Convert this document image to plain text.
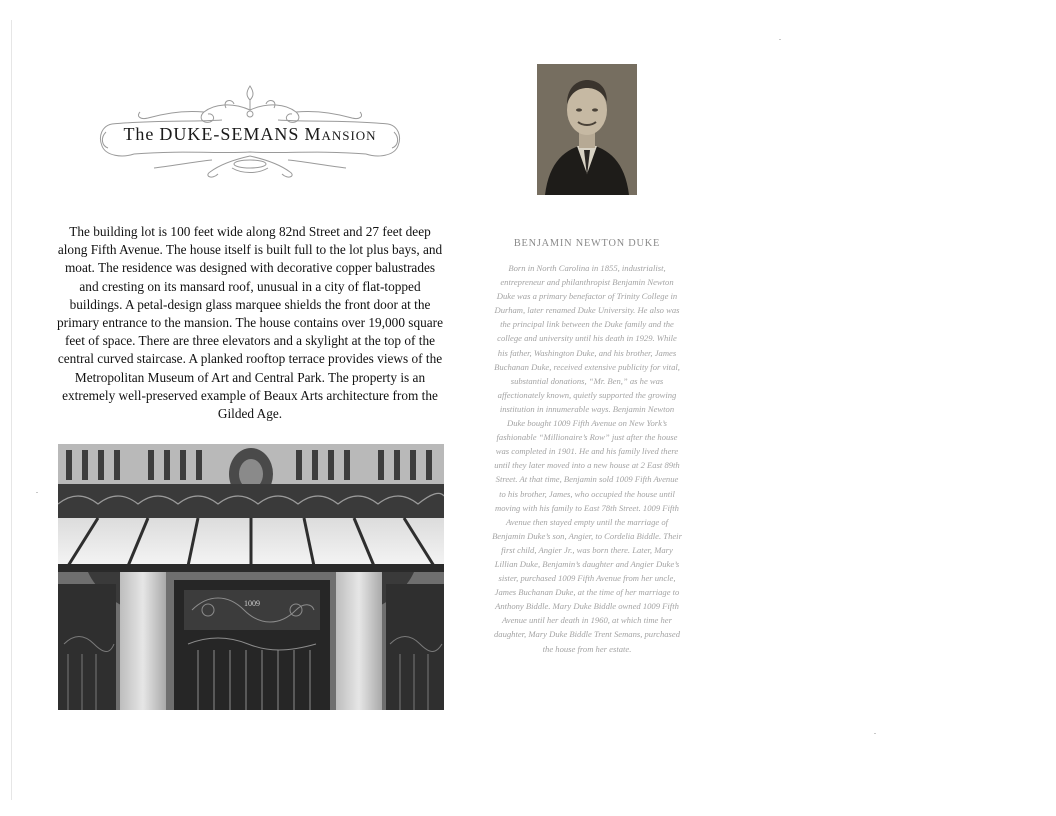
The DUKE-SEMANS Mansion

The building lot is 100 feet wide along 82nd Street and 27 feet deep along Fifth Avenue. The house itself is built full to the lot plus bays, and moat. The residence was designed with decorative copper balustrades and cresting on its mansard roof, unusual in a city of flat-topped buildings. A petal-design glass marquee shields the front door at the primary entrance to the mansion. The house contains over 19,000 square feet of space. There are three elevators and a skylight at the top of the central curved staircase. A planked rooftop terrace provides views of the Metropolitan Museum of Art and Central Park. The property is an extremely well-preserved example of Beaux Arts architecture from the Gilded Age.

1009
BENJAMIN NEWTON DUKE

Born in North Carolina in 1855, industrialist, entrepreneur and philanthropist Benjamin Newton Duke was a primary benefactor of Trinity College in Durham, later renamed Duke University. He also was the principal link between the Duke family and the college and university until his death in 1929. While his father, Washington Duke, and his brother, James Buchanan Duke, received extensive publicity for vital, substantial donations, “Mr. Ben,” as he was affectionately known, quietly supported the growing institution in innumerable ways. Benjamin Newton Duke bought 1009 Fifth Avenue on New York’s fashionable “Millionaire’s Row” just after the house was completed in 1901. He and his family lived there until they later moved into a new house at 2 East 89th Street. At that time, Benjamin sold 1009 Fifth Avenue to his brother, James, who occupied the house until moving with his family to East 78th Street. 1009 Fifth Avenue then stayed empty until the marriage of Benjamin Duke’s son, Angier, to Cordelia Biddle. Their first child, Angier Jr., was born there. Later, Mary Lillian Duke, Benjamin’s daughter and Angier Duke’s sister, purchased 1009 Fifth Avenue from her uncle, James Buchanan Duke, at the time of her marriage to Anthony Biddle. Mary Duke Biddle owned 1009 Fifth Avenue until her death in 1960, at which time her daughter, Mary Duke Biddle Trent Semans, purchased the house from her estate.
